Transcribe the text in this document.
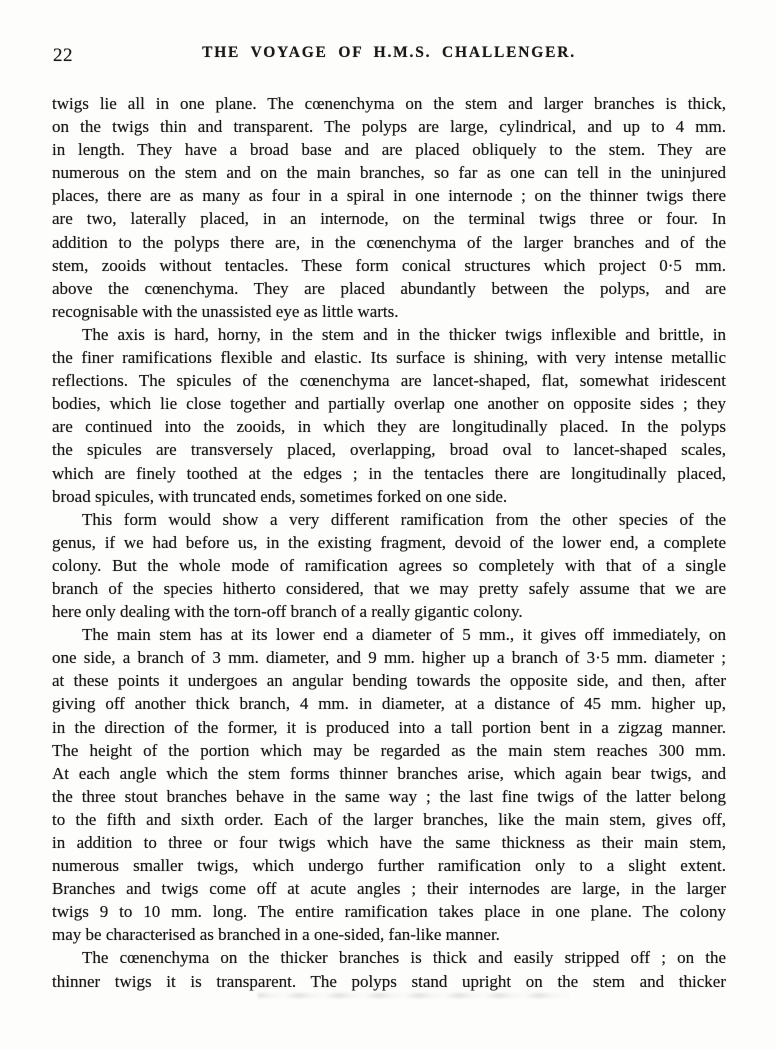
22	THE VOYAGE OF H.M.S. CHALLENGER.
twigs lie all in one plane. The cœnenchyma on the stem and larger branches is thick,
on the twigs thin and transparent. The polyps are large, cylindrical, and up to 4 mm.
in length. They have a broad base and are placed obliquely to the stem. They are
numerous on the stem and on the main branches, so far as one can tell in the uninjured
places, there are as many as four in a spiral in one internode ; on the thinner twigs there
are two, laterally placed, in an internode, on the terminal twigs three or four. In
addition to the polyps there are, in the cœnenchyma of the larger branches and of the
stem, zooids without tentacles. These form conical structures which project 0·5 mm.
above the cœnenchyma. They are placed abundantly between the polyps, and are
recognisable with the unassisted eye as little warts.
The axis is hard, horny, in the stem and in the thicker twigs inflexible and brittle, in
the finer ramifications flexible and elastic. Its surface is shining, with very intense metallic
reflections. The spicules of the cœnenchyma are lancet-shaped, flat, somewhat iridescent
bodies, which lie close together and partially overlap one another on opposite sides ; they
are continued into the zooids, in which they are longitudinally placed. In the polyps
the spicules are transversely placed, overlapping, broad oval to lancet-shaped scales,
which are finely toothed at the edges ; in the tentacles there are longitudinally placed,
broad spicules, with truncated ends, sometimes forked on one side.
This form would show a very different ramification from the other species of the
genus, if we had before us, in the existing fragment, devoid of the lower end, a complete
colony. But the whole mode of ramification agrees so completely with that of a single
branch of the species hitherto considered, that we may pretty safely assume that we are
here only dealing with the torn-off branch of a really gigantic colony.
The main stem has at its lower end a diameter of 5 mm., it gives off immediately, on
one side, a branch of 3 mm. diameter, and 9 mm. higher up a branch of 3·5 mm. diameter ;
at these points it undergoes an angular bending towards the opposite side, and then, after
giving off another thick branch, 4 mm. in diameter, at a distance of 45 mm. higher up,
in the direction of the former, it is produced into a tall portion bent in a zigzag manner.
The height of the portion which may be regarded as the main stem reaches 300 mm.
At each angle which the stem forms thinner branches arise, which again bear twigs, and
the three stout branches behave in the same way ; the last fine twigs of the latter belong
to the fifth and sixth order. Each of the larger branches, like the main stem, gives off,
in addition to three or four twigs which have the same thickness as their main stem,
numerous smaller twigs, which undergo further ramification only to a slight extent.
Branches and twigs come off at acute angles ; their internodes are large, in the larger
twigs 9 to 10 mm. long. The entire ramification takes place in one plane. The colony
may be characterised as branched in a one-sided, fan-like manner.
The cœnenchyma on the thicker branches is thick and easily stripped off ; on the
thinner twigs it is transparent. The polyps stand upright on the stem and thicker
